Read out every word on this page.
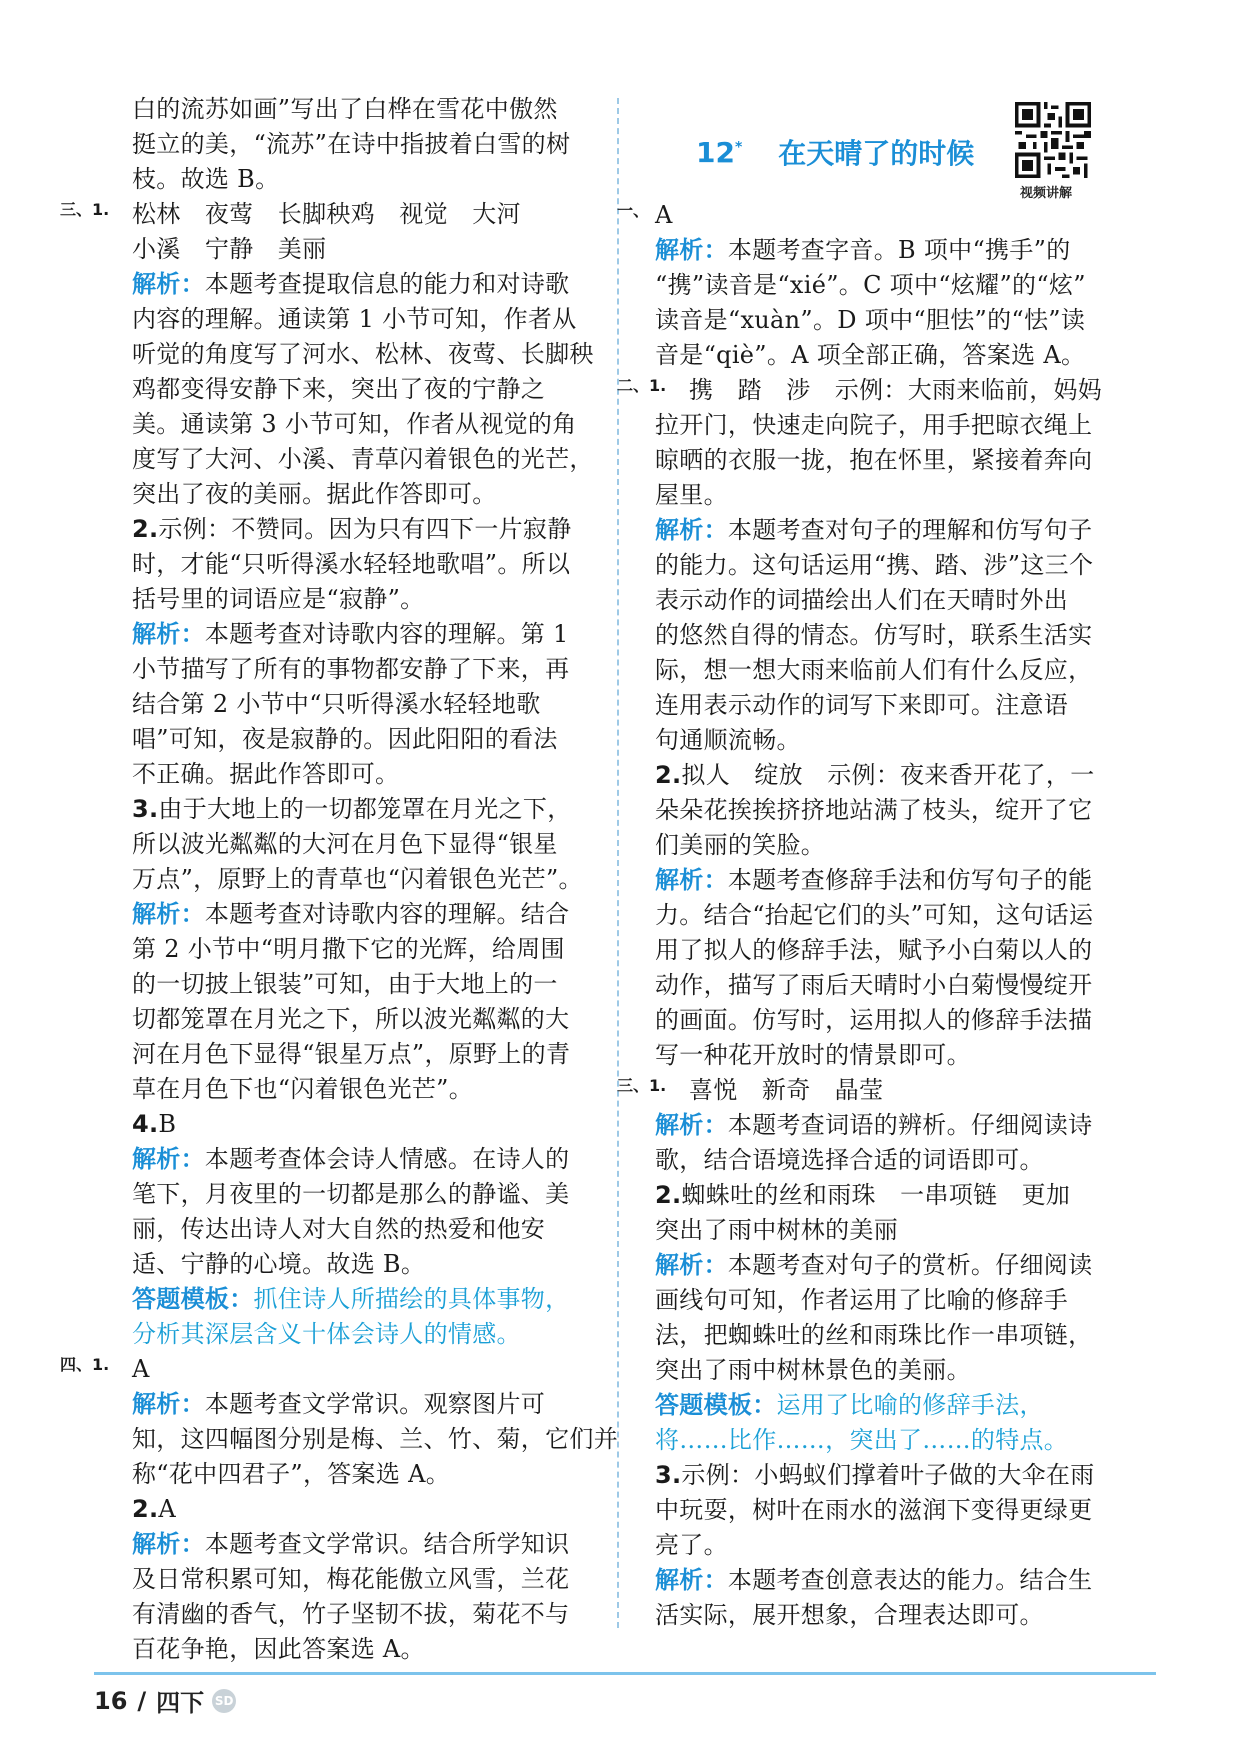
白的流苏如画”写出了白桦在雪花中傲然
挺立的美，“流苏”在诗中指披着白雪的树
枝。故选 B。
三、1. 松林　夜莺　长脚秧鸡　视觉　大河
小溪　宁静　美丽
解析：本题考查提取信息的能力和对诗歌
内容的理解。通读第 1 小节可知，作者从
听觉的角度写了河水、松林、夜莺、长脚秧
鸡都变得安静下来，突出了夜的宁静之
美。通读第 3 小节可知，作者从视觉的角
度写了大河、小溪、青草闪着银色的光芒，
突出了夜的美丽。据此作答即可。
2.示例：不赞同。因为只有四下一片寂静
时，才能“只听得溪水轻轻地歌唱”。所以
括号里的词语应是“寂静”。
解析：本题考查对诗歌内容的理解。第 1
小节描写了所有的事物都安静了下来，再
结合第 2 小节中“只听得溪水轻轻地歌
唱”可知，夜是寂静的。因此阳阳的看法
不正确。据此作答即可。
3.由于大地上的一切都笼罩在月光之下，
所以波光粼粼的大河在月色下显得“银星
万点”，原野上的青草也“闪着银色光芒”。
解析：本题考查对诗歌内容的理解。结合
第 2 小节中“明月撒下它的光辉，给周围
的一切披上银装”可知，由于大地上的一
切都笼罩在月光之下，所以波光粼粼的大
河在月色下显得“银星万点”，原野上的青
草在月色下也“闪着银色光芒”。
4.B
解析：本题考查体会诗人情感。在诗人的
笔下，月夜里的一切都是那么的静谧、美
丽，传达出诗人对大自然的热爱和他安
适、宁静的心境。故选 B。
答题模板：抓住诗人所描绘的具体事物，
分析其深层含义十体会诗人的情感。
四、1. A
解析：本题考查文学常识。观察图片可
知，这四幅图分别是梅、兰、竹、菊，它们并
称“花中四君子”，答案选 A。
2.A
解析：本题考查文学常识。结合所学知识
及日常积累可知，梅花能傲立风雪，兰花
有清幽的香气，竹子坚韧不拔，菊花不与
百花争艳，因此答案选 A。
12* 在天晴了的时候
视频讲解
一、 A
解析：本题考查字音。B 项中“携手”的
“携”读音是“xié”。C 项中“炫耀”的“炫”
读音是“xuàn”。D 项中“胆怯”的“怯”读
音是“qiè”。A 项全部正确，答案选 A。
二、1. 携　踏　涉　示例：大雨来临前，妈妈
拉开门，快速走向院子，用手把晾衣绳上
晾晒的衣服一拢，抱在怀里，紧接着奔向
屋里。
解析：本题考查对句子的理解和仿写句子
的能力。这句话运用“携、踏、涉”这三个
表示动作的词描绘出人们在天晴时外出
的悠然自得的情态。仿写时，联系生活实
际，想一想大雨来临前人们有什么反应，
连用表示动作的词写下来即可。注意语
句通顺流畅。
2.拟人　绽放　示例：夜来香开花了，一
朵朵花挨挨挤挤地站满了枝头，绽开了它
们美丽的笑脸。
解析：本题考查修辞手法和仿写句子的能
力。结合“抬起它们的头”可知，这句话运
用了拟人的修辞手法，赋予小白菊以人的
动作，描写了雨后天晴时小白菊慢慢绽开
的画面。仿写时，运用拟人的修辞手法描
写一种花开放时的情景即可。
三、1. 喜悦　新奇　晶莹
解析：本题考查词语的辨析。仔细阅读诗
歌，结合语境选择合适的词语即可。
2.蜘蛛吐的丝和雨珠　一串项链　更加
突出了雨中树林的美丽
解析：本题考查对句子的赏析。仔细阅读
画线句可知，作者运用了比喻的修辞手
法，把蜘蛛吐的丝和雨珠比作一串项链，
突出了雨中树林景色的美丽。
答题模板：运用了比喻的修辞手法，
将……比作……，突出了……的特点。
3.示例：小蚂蚁们撑着叶子做的大伞在雨
中玩耍，树叶在雨水的滋润下变得更绿更
亮了。
解析：本题考查创意表达的能力。结合生
活实际，展开想象，合理表达即可。
16 / 四下 SD
